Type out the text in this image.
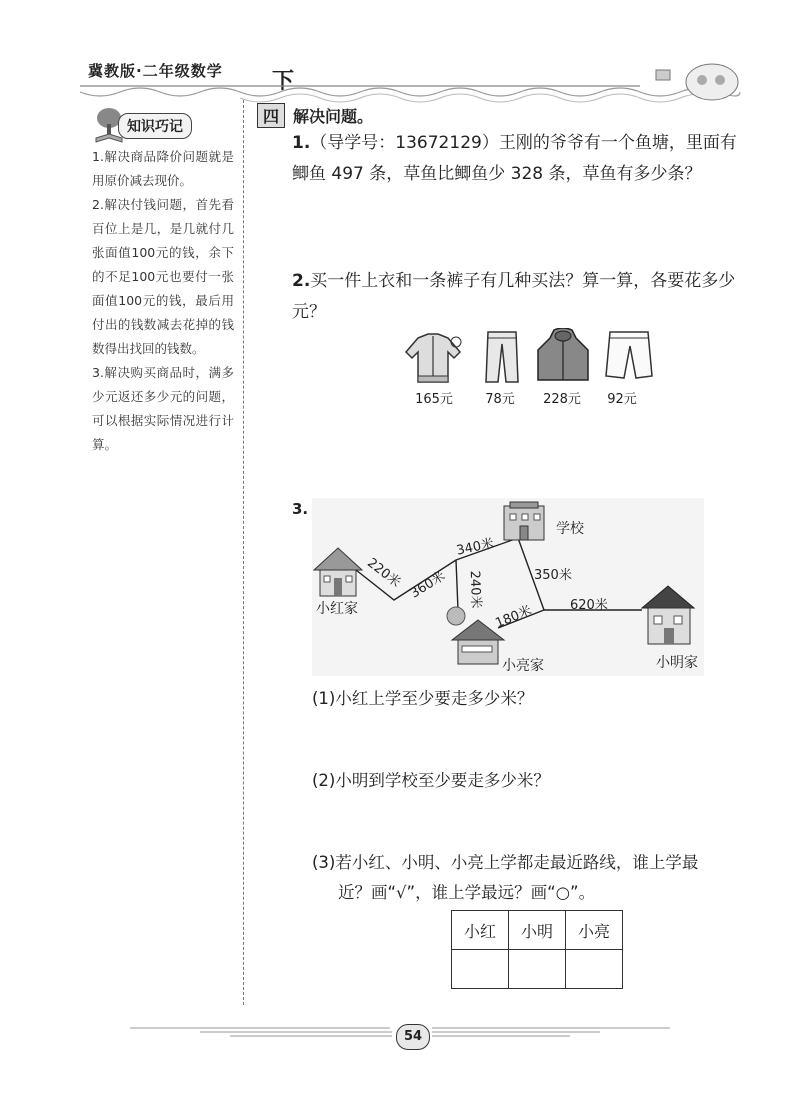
冀教版·二年级数学 下
知识巧记

1.解决商品降价问题就是用原价减去现价。

2.解决付钱问题，首先看百位上是几，是几就付几张面值100元的钱，余下的不足100元也要付一张面值100元的钱，最后用付出的钱数减去花掉的钱数得出找回的钱数。

3.解决购买商品时，满多少元返还多少元的问题，可以根据实际情况进行计算。

四 解决问题。
1.（导学号：13672129）王刚的爷爷有一个鱼塘，里面有鲫鱼 497 条，草鱼比鲫鱼少 328 条，草鱼有多少条？
2.买一件上衣和一条裤子有几种买法？算一算，各要花多少元？
165元	78元	228元	92元
3.
学校
小红家
小亮家	小明家
220米 360米
340米
240米	350米
180米	620米
(1)小红上学至少要走多少米？
(2)小明到学校至少要走多少米？
(3)若小红、小明、小亮上学都走最近路线，谁上学最
近？画“√”，谁上学最远？画“○”。
小红	小明	小亮

54
